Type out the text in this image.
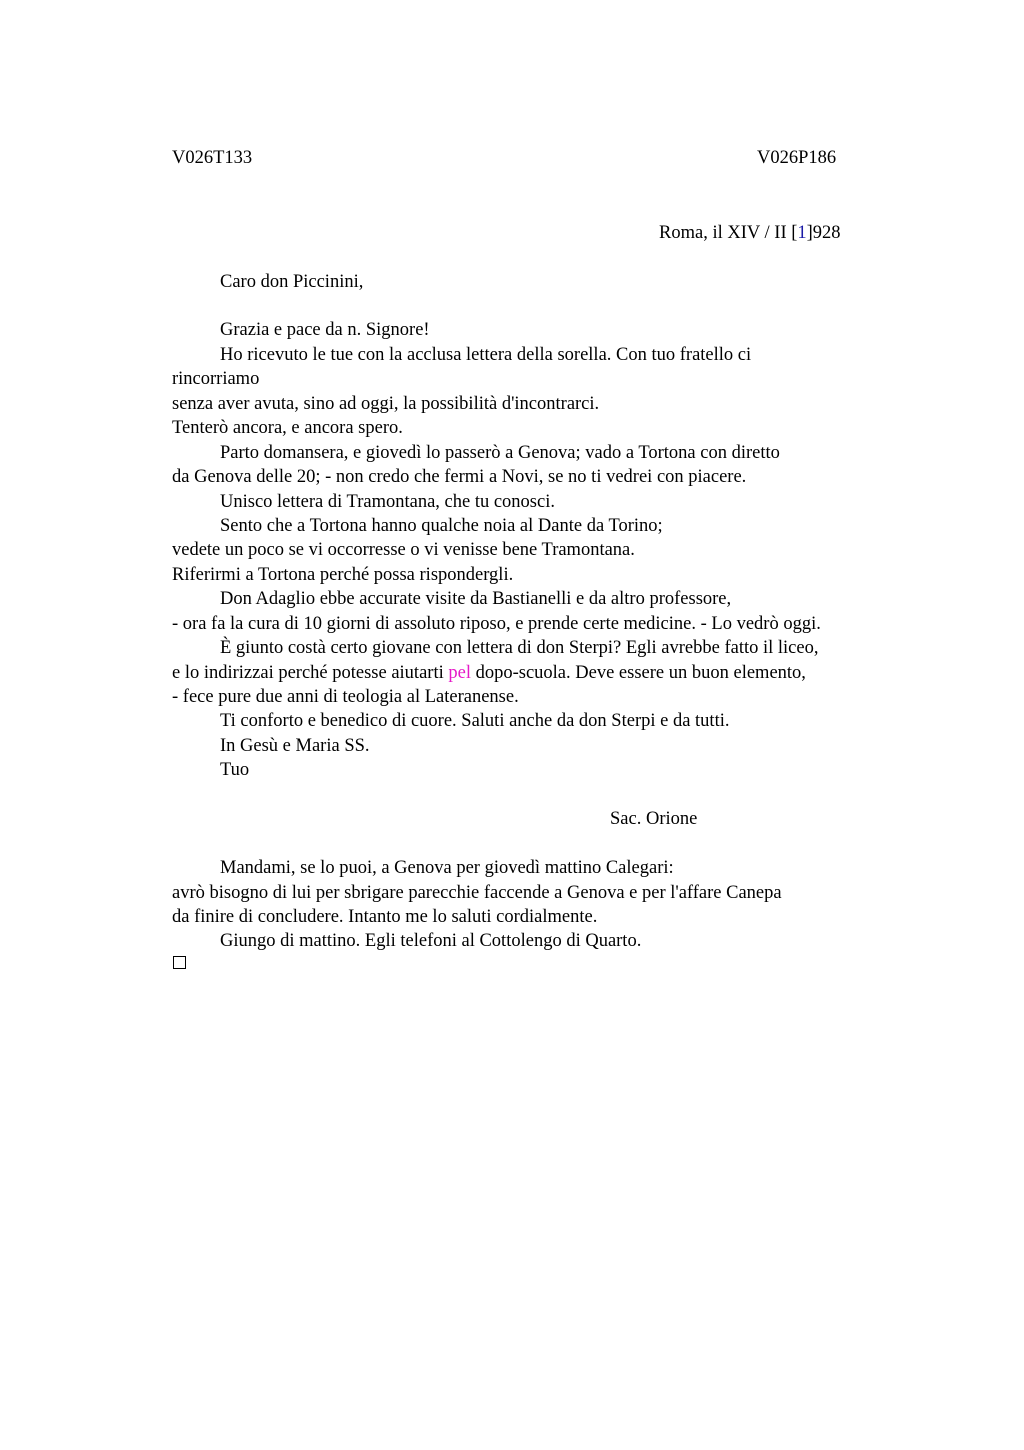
V026T133	V026P186
Roma, il XIV / II [1]928
Caro don Piccinini,
Grazia e pace da n. Signore!
Ho ricevuto le tue con la acclusa lettera della sorella. Con tuo fratello ci
rincorriamo
senza aver avuta, sino ad oggi, la possibilità d'incontrarci.
Tenterò ancora, e ancora spero.
Parto domansera, e giovedì lo passerò a Genova; vado a Tortona con diretto
da Genova delle 20; - non credo che fermi a Novi, se no ti vedrei con piacere.
Unisco lettera di Tramontana, che tu conosci.
Sento che a Tortona hanno qualche noia al Dante da Torino;
vedete un poco se vi occorresse o vi venisse bene Tramontana.
Riferirmi a Tortona perché possa rispondergli.
Don Adaglio ebbe accurate visite da Bastianelli e da altro professore,
- ora fa la cura di 10 giorni di assoluto riposo, e prende certe medicine. - Lo vedrò oggi.
È giunto costà certo giovane con lettera di don Sterpi? Egli avrebbe fatto il liceo,
e lo indirizzai perché potesse aiutarti pel dopo-scuola. Deve essere un buon elemento,
- fece pure due anni di teologia al Lateranense.
Ti conforto e benedico di cuore. Saluti anche da don Sterpi e da tutti.
In Gesù e Maria SS.
Tuo
Sac. Orione
Mandami, se lo puoi, a Genova per giovedì mattino Calegari:
avrò bisogno di lui per sbrigare parecchie faccende a Genova e per l'affare Canepa
da finire di concludere. Intanto me lo saluti cordialmente.
Giungo di mattino. Egli telefoni al Cottolengo di Quarto.
